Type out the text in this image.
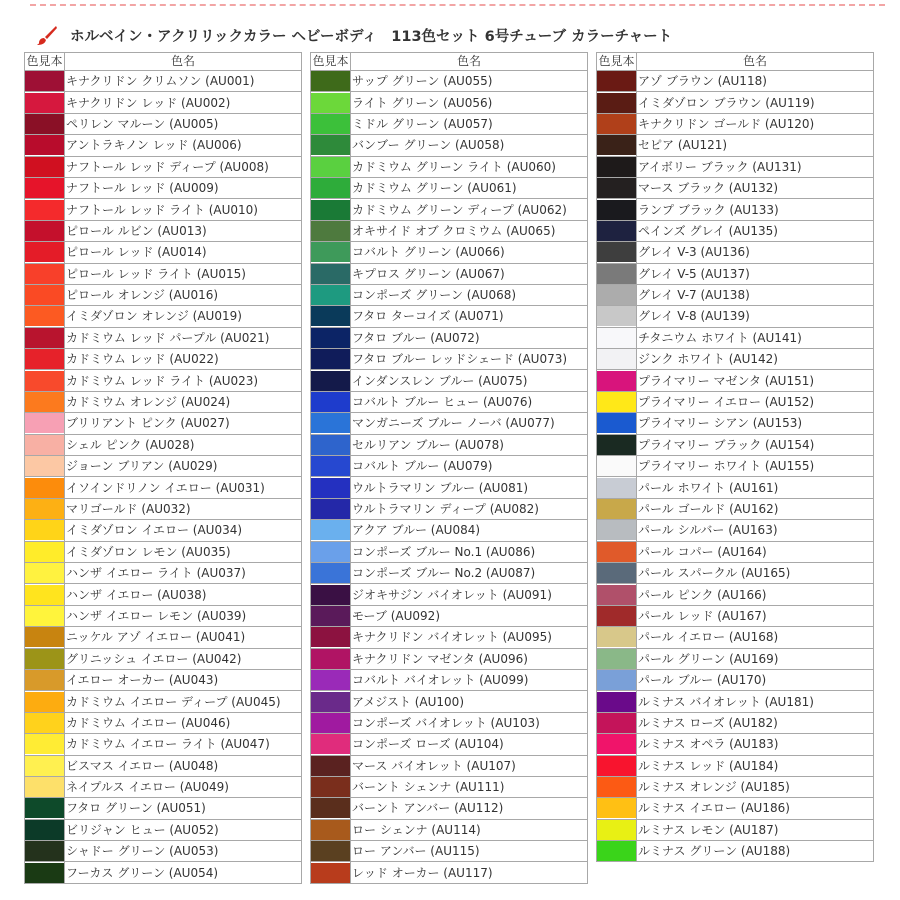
ホルベイン・アクリリックカラー ヘビーボディ　113色セット 6号チューブ カラーチャート
色見本	色名

	キナクリドン クリムソン (AU001)

	キナクリドン レッド (AU002)

	ペリレン マルーン (AU005)

	アントラキノン レッド (AU006)

	ナフトール レッド ディープ (AU008)

	ナフトール レッド (AU009)

	ナフトール レッド ライト (AU010)

	ピロール ルビン (AU013)

	ピロール レッド (AU014)

	ピロール レッド ライト (AU015)

	ピロール オレンジ (AU016)

	イミダゾロン オレンジ (AU019)

	カドミウム レッド パープル (AU021)

	カドミウム レッド (AU022)

	カドミウム レッド ライト (AU023)

	カドミウム オレンジ (AU024)

	ブリリアント ピンク (AU027)

	シェル ピンク (AU028)

	ジョーン ブリアン (AU029)

	イソインドリノン イエロー (AU031)

	マリゴールド (AU032)

	イミダゾロン イエロー (AU034)

	イミダゾロン レモン (AU035)

	ハンザ イエロー ライト (AU037)

	ハンザ イエロー (AU038)

	ハンザ イエロー レモン (AU039)

	ニッケル アゾ イエロー (AU041)

	グリニッシュ イエロー (AU042)

	イエロー オーカー (AU043)

	カドミウム イエロー ディープ (AU045)

	カドミウム イエロー (AU046)

	カドミウム イエロー ライト (AU047)

	ビスマス イエロー (AU048)

	ネイプルス イエロー (AU049)

	フタロ グリーン (AU051)

	ビリジャン ヒュー (AU052)

	シャドー グリーン (AU053)

	フーカス グリーン (AU054)
色見本	色名

	サップ グリーン (AU055)

	ライト グリーン (AU056)

	ミドル グリーン (AU057)

	バンブー グリーン (AU058)

	カドミウム グリーン ライト (AU060)

	カドミウム グリーン (AU061)

	カドミウム グリーン ディープ (AU062)

	オキサイド オブ クロミウム (AU065)

	コバルト グリーン (AU066)

	キプロス グリーン (AU067)

	コンポーズ グリーン (AU068)

	フタロ ターコイズ (AU071)

	フタロ ブルー (AU072)

	フタロ ブルー レッドシェード (AU073)

	インダンスレン ブルー (AU075)

	コバルト ブルー ヒュー (AU076)

	マンガニーズ ブルー ノーバ (AU077)

	セルリアン ブルー (AU078)

	コバルト ブルー (AU079)

	ウルトラマリン ブルー (AU081)

	ウルトラマリン ディープ (AU082)

	アクア ブルー (AU084)

	コンポーズ ブルー No.1 (AU086)

	コンポーズ ブルー No.2 (AU087)

	ジオキサジン バイオレット (AU091)

	モーブ (AU092)

	キナクリドン バイオレット (AU095)

	キナクリドン マゼンタ (AU096)

	コバルト バイオレット (AU099)

	アメジスト (AU100)

	コンポーズ バイオレット (AU103)

	コンポーズ ローズ (AU104)

	マース バイオレット (AU107)

	バーント シェンナ (AU111)

	バーント アンバー (AU112)

	ロー シェンナ (AU114)

	ロー アンバー (AU115)

	レッド オーカー (AU117)
色見本	色名

	アゾ ブラウン (AU118)

	イミダゾロン ブラウン (AU119)

	キナクリドン ゴールド (AU120)

	セピア (AU121)

	アイボリー ブラック (AU131)

	マース ブラック (AU132)

	ランプ ブラック (AU133)

	ペインズ グレイ (AU135)

	グレイ V-3 (AU136)

	グレイ V-5 (AU137)

	グレイ V-7 (AU138)

	グレイ V-8 (AU139)

	チタニウム ホワイト (AU141)

	ジンク ホワイト (AU142)

	プライマリー マゼンタ (AU151)

	プライマリー イエロー (AU152)

	プライマリー シアン (AU153)

	プライマリー ブラック (AU154)

	プライマリー ホワイト (AU155)

	パール ホワイト (AU161)

	パール ゴールド (AU162)

	パール シルバー (AU163)

	パール コパー (AU164)

	パール スパークル (AU165)

	パール ピンク (AU166)

	パール レッド (AU167)

	パール イエロー (AU168)

	パール グリーン (AU169)

	パール ブルー (AU170)

	ルミナス バイオレット (AU181)

	ルミナス ローズ (AU182)

	ルミナス オペラ (AU183)

	ルミナス レッド (AU184)

	ルミナス オレンジ (AU185)

	ルミナス イエロー (AU186)

	ルミナス レモン (AU187)

	ルミナス グリーン (AU188)
